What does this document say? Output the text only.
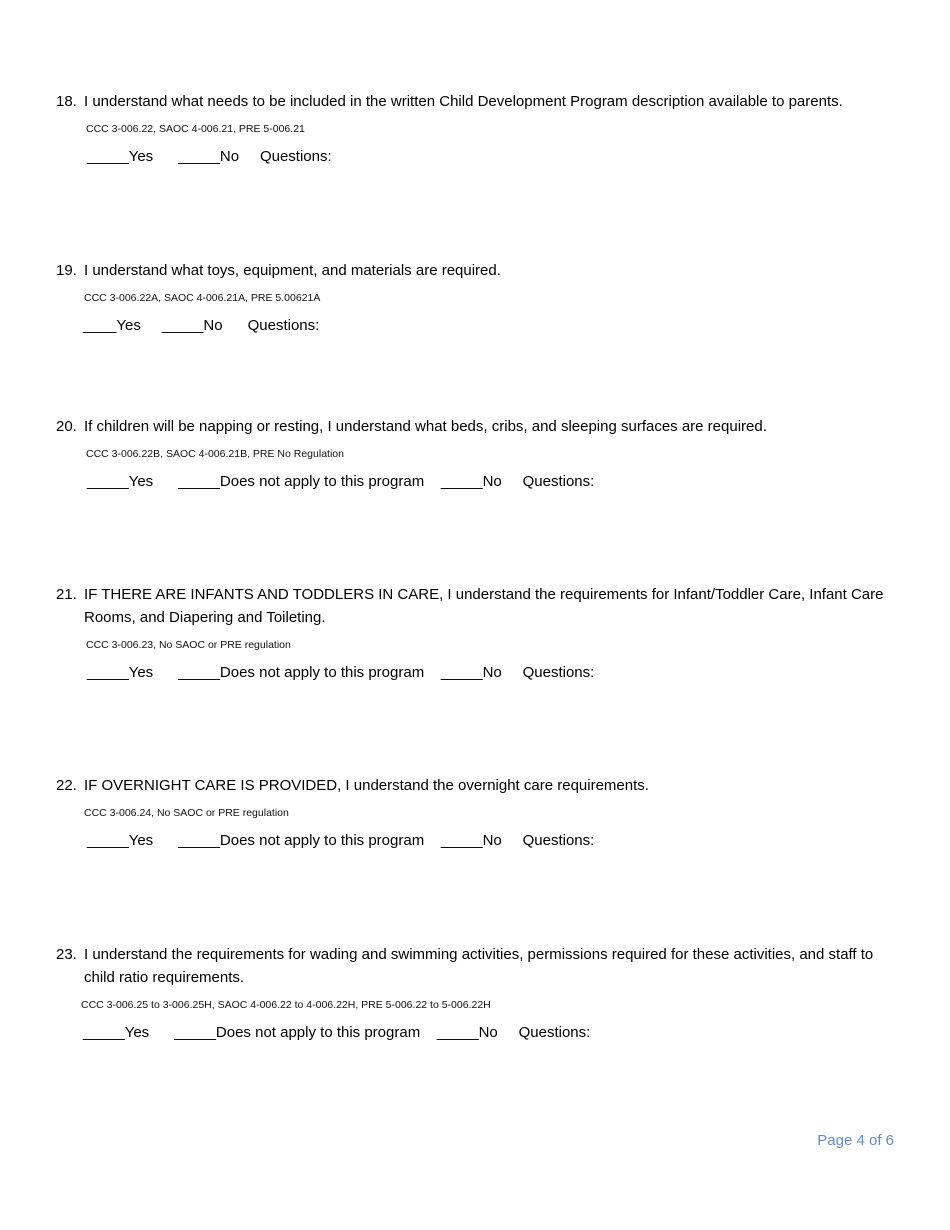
18. I understand what needs to be included in the written Child Development Program description available to parents.
CCC 3-006.22, SAOC 4-006.21, PRE 5-006.21
_____Yes _____No Questions:
19. I understand what toys, equipment, and materials are required.
CCC 3-006.22A, SAOC 4-006.21A, PRE 5.00621A
____Yes _____No Questions:
20. If children will be napping or resting, I understand what beds, cribs, and sleeping surfaces are required.
CCC 3-006.22B, SAOC 4-006.21B, PRE No Regulation
_____Yes _____Does not apply to this program _____No Questions:
21. IF THERE ARE INFANTS AND TODDLERS IN CARE, I understand the requirements for Infant/Toddler Care, Infant Care Rooms, and Diapering and Toileting.
CCC 3-006.23, No SAOC or PRE regulation
_____Yes _____Does not apply to this program _____No Questions:
22. IF OVERNIGHT CARE IS PROVIDED, I understand the overnight care requirements.
CCC 3-006.24, No SAOC or PRE regulation
_____Yes _____Does not apply to this program _____No Questions:
23. I understand the requirements for wading and swimming activities, permissions required for these activities, and staff to child ratio requirements.
CCC 3-006.25 to 3-006.25H, SAOC 4-006.22 to 4-006.22H, PRE 5-006.22 to 5-006.22H
_____Yes _____Does not apply to this program _____No Questions:
Page 4 of 6
